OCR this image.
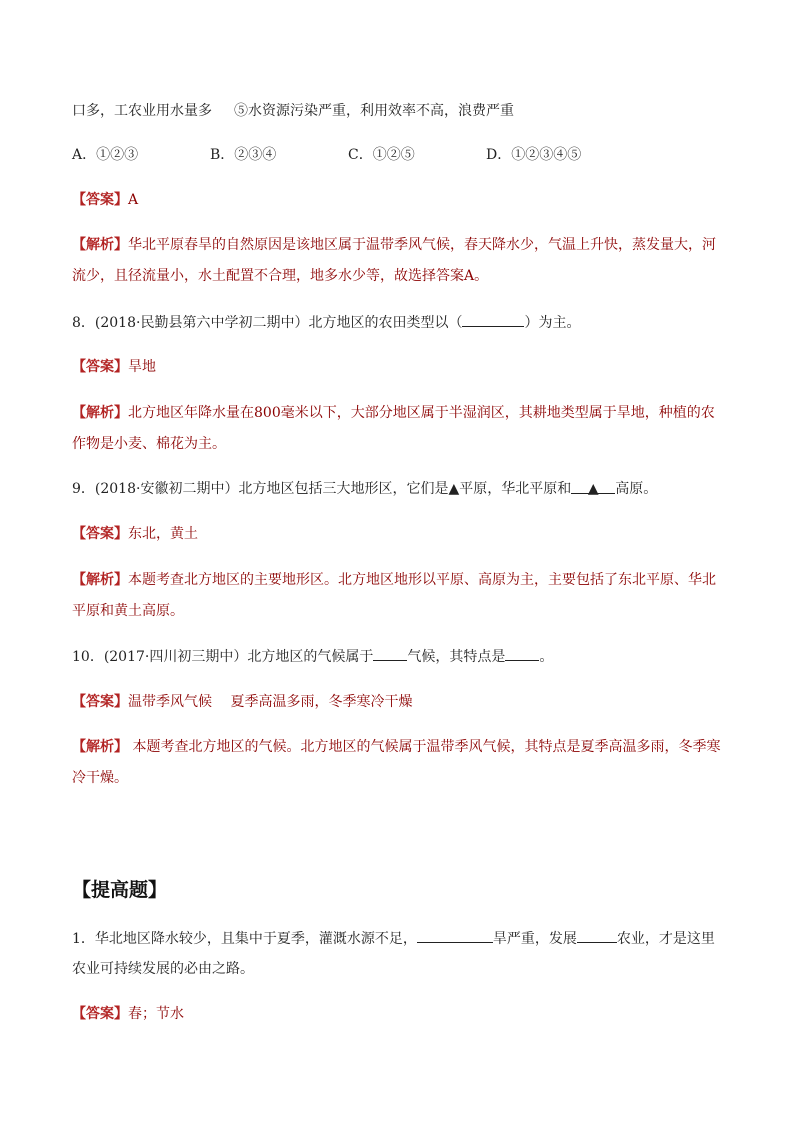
口多，工农业用水量多 ⑤水资源污染严重，利用效率不高，浪费严重
A．①②③	B．②③④	C．①②⑤	D．①②③④⑤
【答案】A
【解析】华北平原春旱的自然原因是该地区属于温带季风气候，春天降水少，气温上升快，蒸发量大，河
流少，且径流量小，水土配置不合理，地多水少等，故选择答案A。
8．(2018·民勤县第六中学初二期中）北方地区的农田类型以（	）为主。
【答案】旱地
【解析】北方地区年降水量在800毫米以下，大部分地区属于半湿润区，其耕地类型属于旱地，种植的农
作物是小麦、棉花为主。
9．(2018·安徽初二期中）北方地区包括三大地形区，它们是▲平原，华北平原和 ▲ 高原。
【答案】东北，黄土
【解析】本题考查北方地区的主要地形区。北方地区地形以平原、高原为主，主要包括了东北平原、华北
平原和黄土高原。
10．(2017·四川初三期中）北方地区的气候属于 气候，其特点是 。
【答案】温带季风气候　 夏季高温多雨，冬季寒冷干燥
【解析】 本题考查北方地区的气候。北方地区的气候属于温带季风气候，其特点是夏季高温多雨，冬季寒
冷干燥。
【提高题】
1．华北地区降水较少，且集中于夏季，灌溉水源不足，	旱严重，发展	农业，才是这里
农业可持续发展的必由之路。
【答案】春；节水
